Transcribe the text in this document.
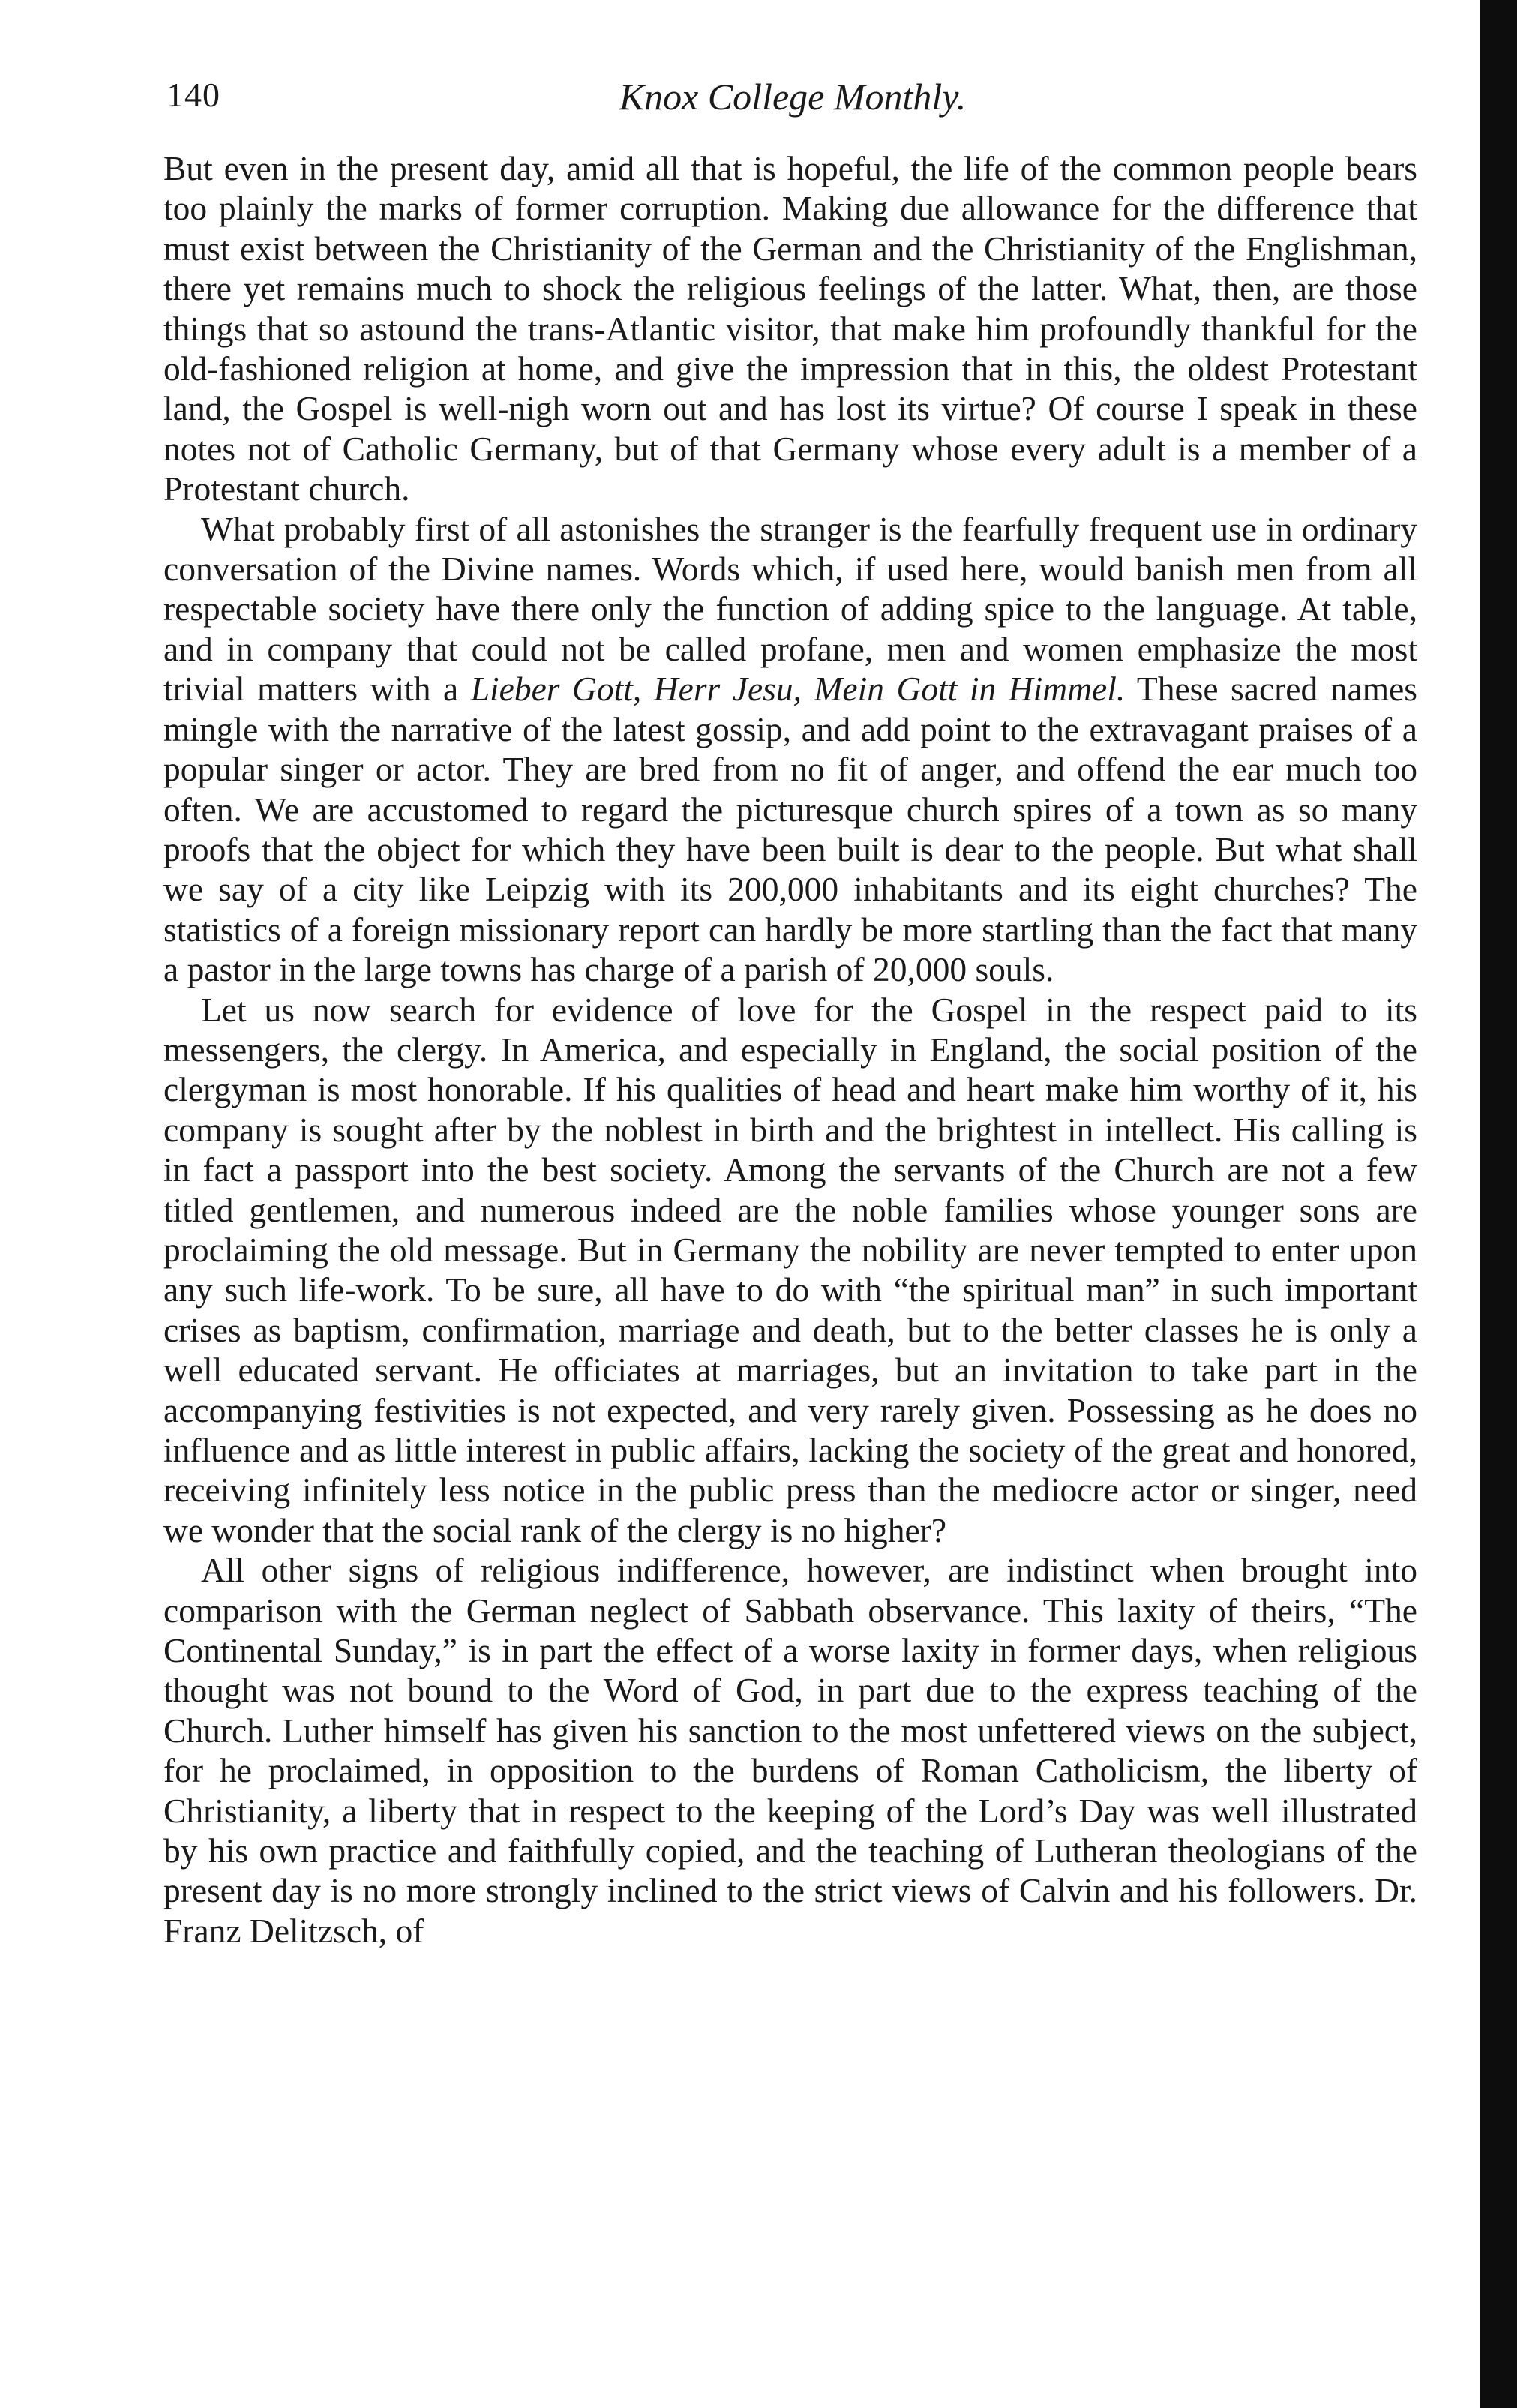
140	Knox College Monthly.

But even in the present day, amid all that is hopeful, the life of the common people bears too plainly the marks of former corruption. Making due allowance for the difference that must exist between the Christianity of the German and the Christianity of the Englishman, there yet remains much to shock the religious feelings of the latter. What, then, are those things that so astound the trans-Atlantic visitor, that make him profoundly thankful for the old-fashioned religion at home, and give the impression that in this, the oldest Protestant land, the Gospel is well-nigh worn out and has lost its virtue? Of course I speak in these notes not of Catholic Germany, but of that Germany whose every adult is a member of a Protestant church.

What probably first of all astonishes the stranger is the fearfully frequent use in ordinary conversation of the Divine names. Words which, if used here, would banish men from all respectable society have there only the function of adding spice to the language. At table, and in company that could not be called profane, men and women emphasize the most trivial matters with a Lieber Gott, Herr Jesu, Mein Gott in Himmel. These sacred names mingle with the narrative of the latest gossip, and add point to the extravagant praises of a popular singer or actor. They are bred from no fit of anger, and offend the ear much too often. We are accustomed to regard the picturesque church spires of a town as so many proofs that the object for which they have been built is dear to the people. But what shall we say of a city like Leipzig with its 200,000 inhabitants and its eight churches? The statistics of a foreign missionary report can hardly be more startling than the fact that many a pastor in the large towns has charge of a parish of 20,000 souls.

Let us now search for evidence of love for the Gospel in the respect paid to its messengers, the clergy. In America, and especially in England, the social position of the clergyman is most honorable. If his qualities of head and heart make him worthy of it, his company is sought after by the noblest in birth and the brightest in intellect. His calling is in fact a passport into the best society. Among the servants of the Church are not a few titled gentlemen, and numerous indeed are the noble families whose younger sons are proclaiming the old message. But in Germany the nobility are never tempted to enter upon any such life-work. To be sure, all have to do with “the spiritual man” in such important crises as baptism, confirmation, marriage and death, but to the better classes he is only a well educated servant. He officiates at marriages, but an invitation to take part in the accompanying festivities is not expected, and very rarely given. Possessing as he does no influence and as little interest in public affairs, lacking the society of the great and honored, receiving infinitely less notice in the public press than the mediocre actor or singer, need we wonder that the social rank of the clergy is no higher?

All other signs of religious indifference, however, are indistinct when brought into comparison with the German neglect of Sabbath observance. This laxity of theirs, “The Continental Sunday,” is in part the effect of a worse laxity in former days, when religious thought was not bound to the Word of God, in part due to the express teaching of the Church. Luther himself has given his sanction to the most unfettered views on the subject, for he proclaimed, in opposition to the burdens of Roman Catholicism, the liberty of Christianity, a liberty that in respect to the keeping of the Lord’s Day was well illustrated by his own practice and faithfully copied, and the teaching of Lutheran theologians of the present day is no more strongly inclined to the strict views of Calvin and his followers. Dr. Franz Delitzsch, of
